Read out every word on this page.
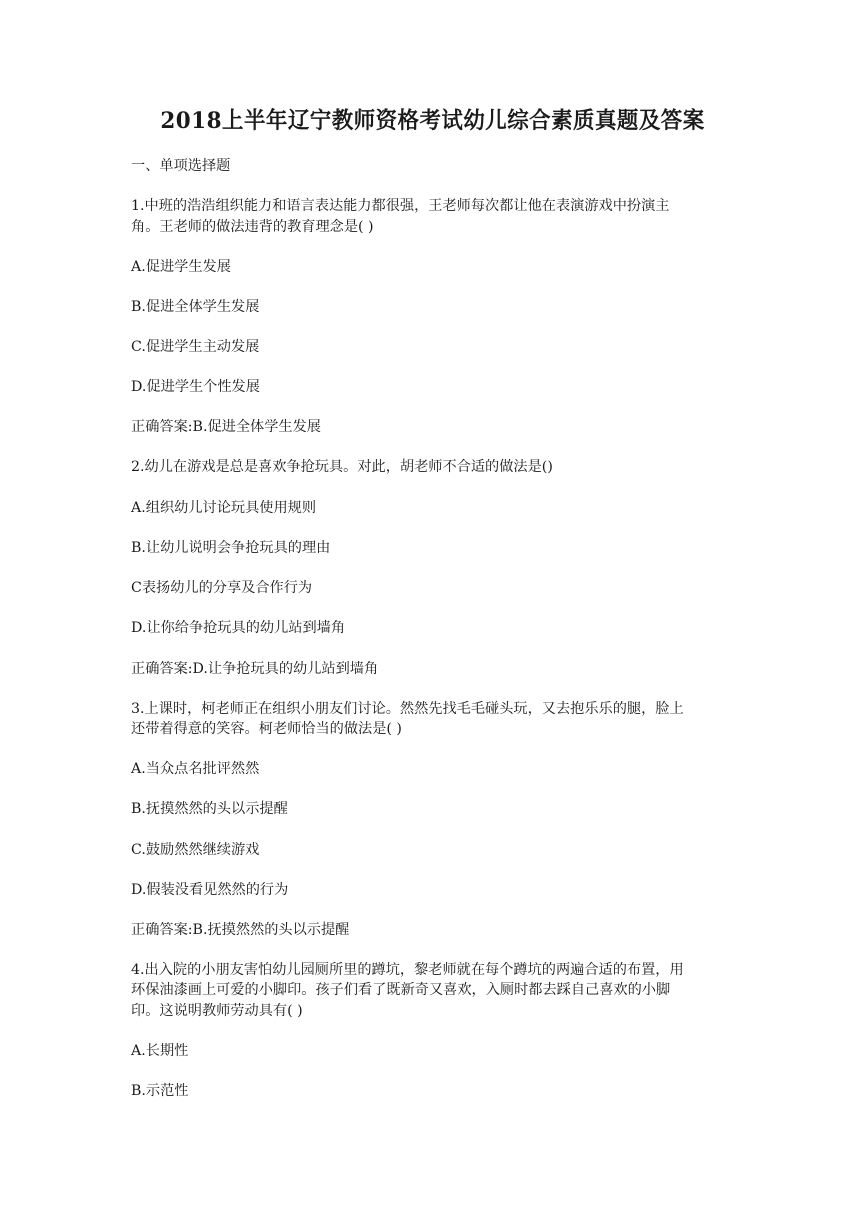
2018上半年辽宁教师资格考试幼儿综合素质真题及答案
一、单项选择题
1.中班的浩浩组织能力和语言表达能力都很强，王老师每次都让他在表演游戏中扮演主
角。王老师的做法违背的教育理念是( )
A.促进学生发展
B.促进全体学生发展
C.促进学生主动发展
D.促进学生个性发展
正确答案:B.促进全体学生发展
2.幼儿在游戏是总是喜欢争抢玩具。对此，胡老师不合适的做法是()
A.组织幼儿讨论玩具使用规则
B.让幼儿说明会争抢玩具的理由
C表扬幼儿的分享及合作行为
D.让你给争抢玩具的幼儿站到墙角
正确答案:D.让争抢玩具的幼儿站到墙角
3.上课时，柯老师正在组织小朋友们讨论。然然先找毛毛碰头玩，又去抱乐乐的腿，脸上
还带着得意的笑容。柯老师恰当的做法是( )
A.当众点名批评然然
B.抚摸然然的头以示提醒
C.鼓励然然继续游戏
D.假装没看见然然的行为
正确答案:B.抚摸然然的头以示提醒
4.出入院的小朋友害怕幼儿园厕所里的蹲坑，黎老师就在每个蹲坑的两遍合适的布置，用
环保油漆画上可爱的小脚印。孩子们看了既新奇又喜欢，入厕时都去踩自己喜欢的小脚
印。这说明教师劳动具有( )
A.长期性
B.示范性
